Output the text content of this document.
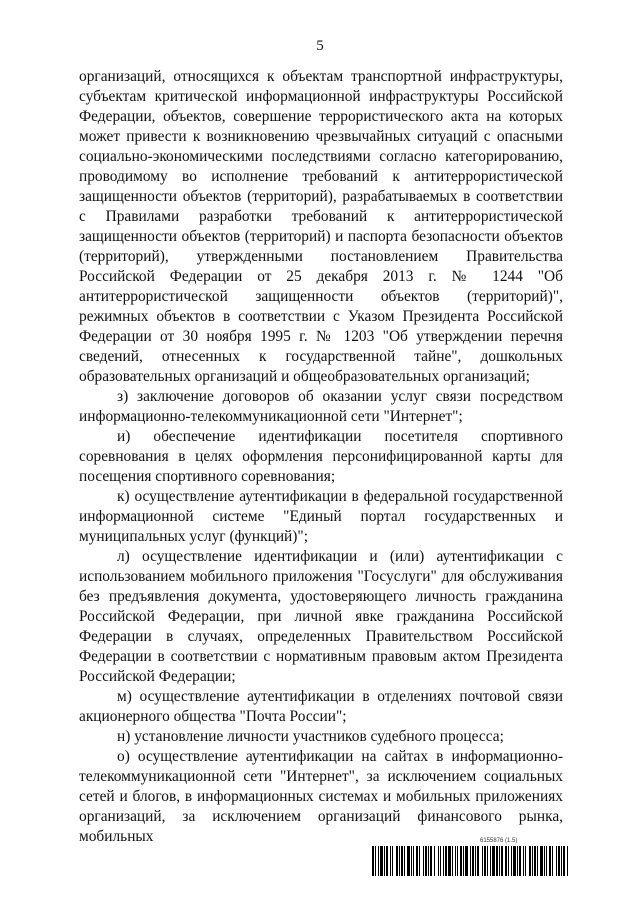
5

организаций, относящихся к объектам транспортной инфраструктуры, субъектам критической информационной инфраструктуры Российской Федерации, объектов, совершение террористического акта на которых может привести к возникновению чрезвычайных ситуаций с опасными социально-экономическими последствиями согласно категорированию, проводимому во исполнение требований к антитеррористической защищенности объектов (территорий), разрабатываемых в соответствии с Правилами разработки требований к антитеррористической защищенности объектов (территорий) и паспорта безопасности объектов (территорий), утвержденными постановлением Правительства Российской Федерации от 25 декабря 2013 г. № 1244 "Об антитеррористической защищенности объектов (территорий)", режимных объектов в соответствии с Указом Президента Российской Федерации от 30 ноября 1995 г. № 1203 "Об утверждении перечня сведений, отнесенных к государственной тайне", дошкольных образовательных организаций и общеобразовательных организаций;

з) заключение договоров об оказании услуг связи посредством информационно-телекоммуникационной сети "Интернет";

и) обеспечение идентификации посетителя спортивного соревнования в целях оформления персонифицированной карты для посещения спортивного соревнования;

к) осуществление аутентификации в федеральной государственной информационной системе "Единый портал государственных и муниципальных услуг (функций)";

л) осуществление идентификации и (или) аутентификации с использованием мобильного приложения "Госуслуги" для обслуживания без предъявления документа, удостоверяющего личность гражданина Российской Федерации, при личной явке гражданина Российской Федерации в случаях, определенных Правительством Российской Федерации в соответствии с нормативным правовым актом Президента Российской Федерации;

м) осуществление аутентификации в отделениях почтовой связи акционерного общества "Почта России";

н) установление личности участников судебного процесса;

о) осуществление аутентификации на сайтах в информационно-телекоммуникационной сети "Интернет", за исключением социальных сетей и блогов, в информационных системах и мобильных приложениях организаций, за исключением организаций финансового рынка, мобильных	6155876 (1.5)
